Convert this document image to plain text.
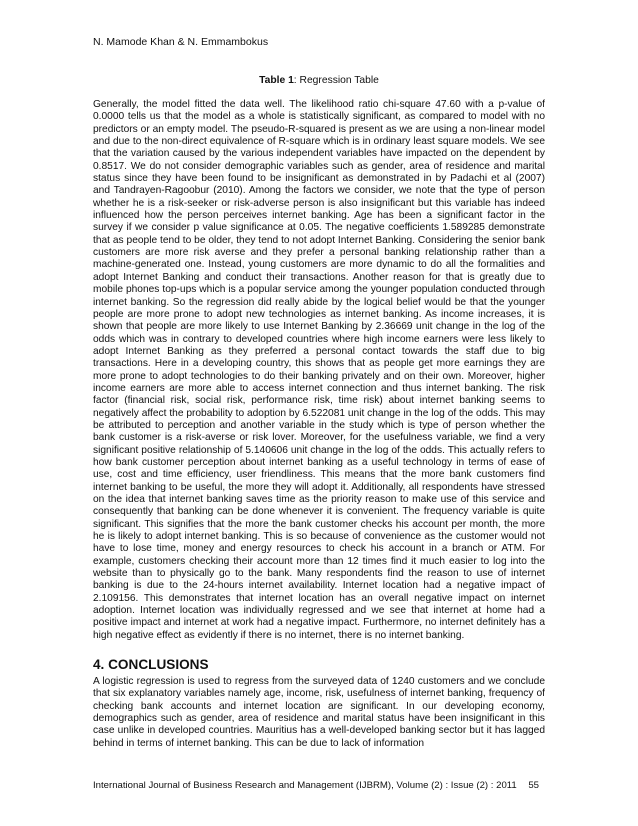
N. Mamode Khan & N. Emmambokus
Table 1: Regression Table

Generally, the model fitted the data well. The likelihood ratio chi-square 47.60 with a p-value of 0.0000 tells us that the model as a whole is statistically significant, as compared to model with no predictors or an empty model. The pseudo-R-squared is present as we are using a non-linear model and due to the non-direct equivalence of R-square which is in ordinary least square models. We see that the variation caused by the various independent variables have impacted on the dependent by 0.8517. We do not consider demographic variables such as gender, area of residence and marital status since they have been found to be insignificant as demonstrated in by Padachi et al (2007) and Tandrayen-Ragoobur (2010). Among the factors we consider, we note that the type of person whether he is a risk-seeker or risk-adverse person is also insignificant but this variable has indeed influenced how the person perceives internet banking. Age has been a significant factor in the survey if we consider p value significance at 0.05. The negative coefficients 1.589285 demonstrate that as people tend to be older, they tend to not adopt Internet Banking. Considering the senior bank customers are more risk averse and they prefer a personal banking relationship rather than a machine-generated one. Instead, young customers are more dynamic to do all the formalities and adopt Internet Banking and conduct their transactions. Another reason for that is greatly due to mobile phones top-ups which is a popular service among the younger population conducted through internet banking. So the regression did really abide by the logical belief would be that the younger people are more prone to adopt new technologies as internet banking. As income increases, it is shown that people are more likely to use Internet Banking by 2.36669 unit change in the log of the odds which was in contrary to developed countries where high income earners were less likely to adopt Internet Banking as they preferred a personal contact towards the staff due to big transactions. Here in a developing country, this shows that as people get more earnings they are more prone to adopt technologies to do their banking privately and on their own. Moreover, higher income earners are more able to access internet connection and thus internet banking. The risk factor (financial risk, social risk, performance risk, time risk) about internet banking seems to negatively affect the probability to adoption by 6.522081 unit change in the log of the odds. This may be attributed to perception and another variable in the study which is type of person whether the bank customer is a risk-averse or risk lover. Moreover, for the usefulness variable, we find a very significant positive relationship of 5.140606 unit change in the log of the odds. This actually refers to how bank customer perception about internet banking as a useful technology in terms of ease of use, cost and time efficiency, user friendliness. This means that the more bank customers find internet banking to be useful, the more they will adopt it. Additionally, all respondents have stressed on the idea that internet banking saves time as the priority reason to make use of this service and consequently that banking can be done whenever it is convenient. The frequency variable is quite significant. This signifies that the more the bank customer checks his account per month, the more he is likely to adopt internet banking. This is so because of convenience as the customer would not have to lose time, money and energy resources to check his account in a branch or ATM. For example, customers checking their account more than 12 times find it much easier to log into the website than to physically go to the bank. Many respondents find the reason to use of internet banking is due to the 24-hours internet availability. Internet location had a negative impact of 2.109156. This demonstrates that internet location has an overall negative impact on internet adoption. Internet location was individually regressed and we see that internet at home had a positive impact and internet at work had a negative impact. Furthermore, no internet definitely has a high negative effect as evidently if there is no internet, there is no internet banking.

4. CONCLUSIONS

A logistic regression is used to regress from the surveyed data of 1240 customers and we conclude that six explanatory variables namely age, income, risk, usefulness of internet banking, frequency of checking bank accounts and internet location are significant. In our developing economy, demographics such as gender, area of residence and marital status have been insignificant in this case unlike in developed countries. Mauritius has a well-developed banking sector but it has lagged behind in terms of internet banking. This can be due to lack of information

International Journal of Business Research and Management (IJBRM), Volume (2) : Issue (2) : 2011 55
